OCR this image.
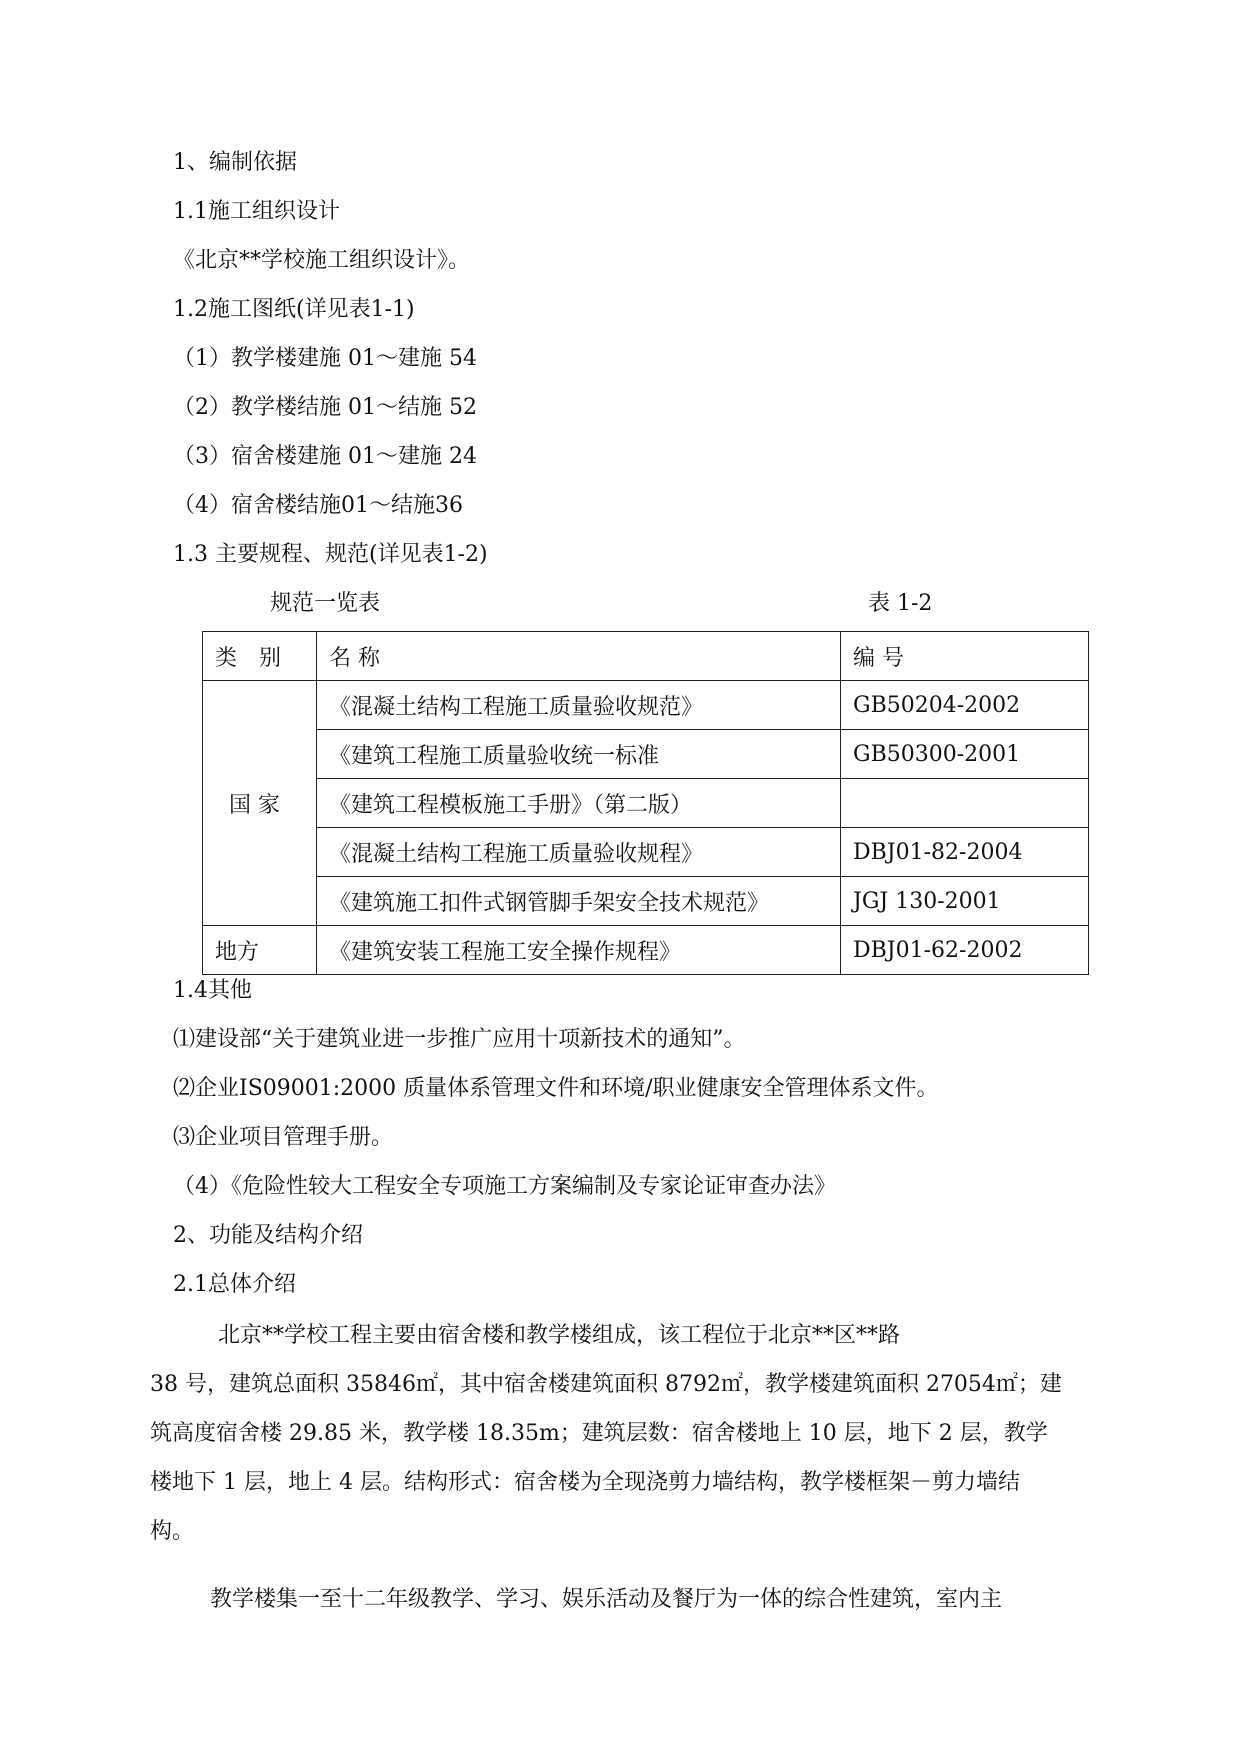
1、编制依据
1.1施工组织设计
《北京**学校施工组织设计》。
1.2施工图纸(详见表1-1)
（1）教学楼建施 01～建施 54
（2）教学楼结施 01～结施 52
（3）宿舍楼建施 01～建施 24
（4）宿舍楼结施01～结施36
1.3 主要规程、规范(详见表1-2)
规范一览表	表 1-2
类　别	名 称	编 号
国 家	《混凝土结构工程施工质量验收规范》	GB50204-2002
	《建筑工程施工质量验收统一标准	GB50300-2001
	《建筑工程模板施工手册》（第二版）	
	《混凝土结构工程施工质量验收规程》	DBJ01-82-2004
	《建筑施工扣件式钢管脚手架安全技术规范》	JGJ 130-2001
地方	《建筑安装工程施工安全操作规程》	DBJ01-62-2002
1.4其他
⑴建设部“关于建筑业进一步推广应用十项新技术的通知”。
⑵企业IS09001:2000 质量体系管理文件和环境/职业健康安全管理体系文件。
⑶企业项目管理手册。
（4）《危险性较大工程安全专项施工方案编制及专家论证审查办法》
2、功能及结构介绍
2.1总体介绍
北京**学校工程主要由宿舍楼和教学楼组成，该工程位于北京**区**路
38 号，建筑总面积 35846㎡，其中宿舍楼建筑面积 8792㎡，教学楼建筑面积 27054㎡；建
筑高度宿舍楼 29.85 米，教学楼 18.35m；建筑层数：宿舍楼地上 10 层，地下 2 层，教学
楼地下 1 层，地上 4 层。结构形式：宿舍楼为全现浇剪力墙结构，教学楼框架－剪力墙结
构。
教学楼集一至十二年级教学、学习、娱乐活动及餐厅为一体的综合性建筑，室内主
